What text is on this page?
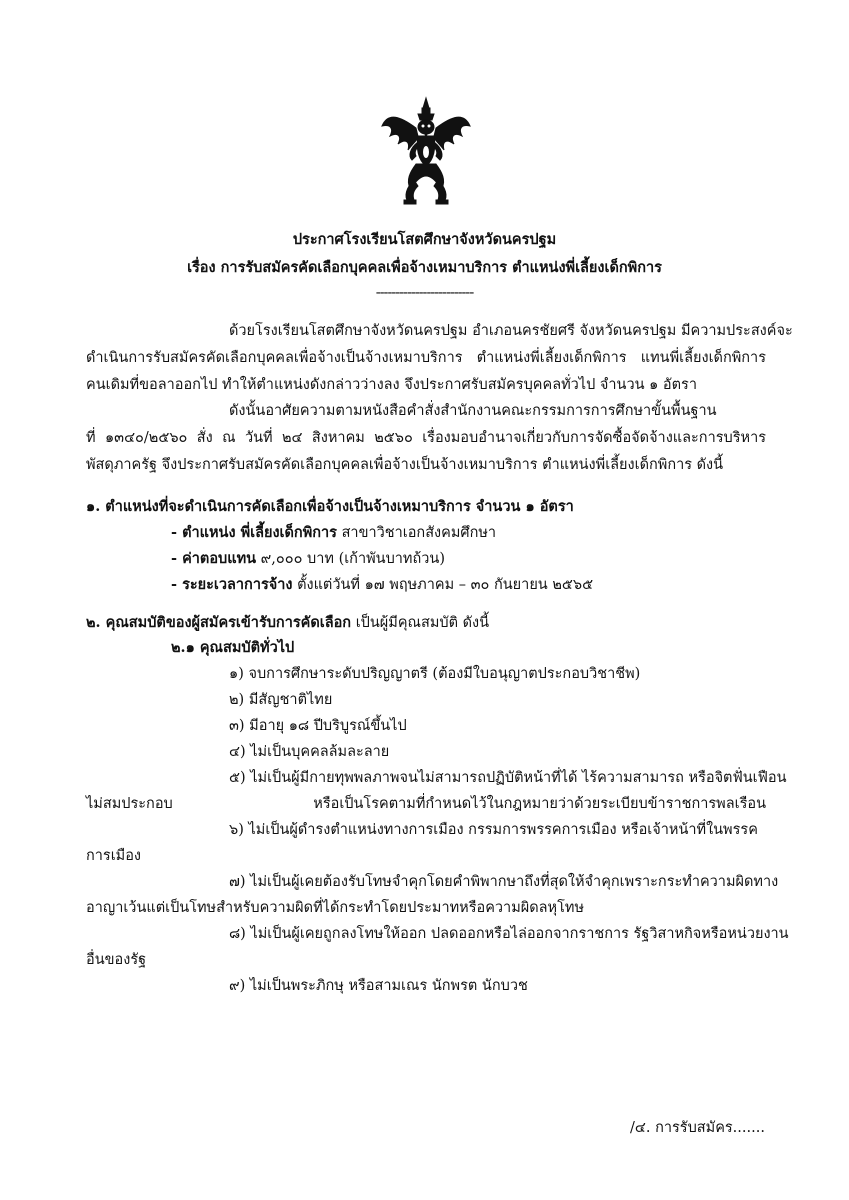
ประกาศโรงเรียนโสตศึกษาจังหวัดนครปฐม
เรื่อง การรับสมัครคัดเลือกบุคคลเพื่อจ้างเหมาบริการ ตำแหน่งพี่เลี้ยงเด็กพิการ
-------------------------
ด้วยโรงเรียนโสตศึกษาจังหวัดนครปฐม อำเภอนครชัยศรี จังหวัดนครปฐม มีความประสงค์จะ
ดำเนินการรับสมัครคัดเลือกบุคคลเพื่อจ้างเป็นจ้างเหมาบริการ ตำแหน่งพี่เลี้ยงเด็กพิการ แทนพี่เลี้ยงเด็กพิการ
คนเดิมที่ขอลาออกไป ทำให้ตำแหน่งดังกล่าวว่างลง จึงประกาศรับสมัครบุคคลทั่วไป จำนวน ๑ อัตรา
ดังนั้นอาศัยความตามหนังสือคำสั่งสำนักงานคณะกรรมการการศึกษาขั้นพื้นฐาน
ที่ ๑๓๔๐/๒๕๖๐ สั่ง ณ วันที่ ๒๔ สิงหาคม ๒๕๖๐ เรื่องมอบอำนาจเกี่ยวกับการจัดซื้อจัดจ้างและการบริหาร
พัสดุภาครัฐ จึงประกาศรับสมัครคัดเลือกบุคคลเพื่อจ้างเป็นจ้างเหมาบริการ ตำแหน่งพี่เลี้ยงเด็กพิการ ดังนี้
๑. ตำแหน่งที่จะดำเนินการคัดเลือกเพื่อจ้างเป็นจ้างเหมาบริการ จำนวน ๑ อัตรา
- ตำแหน่ง พี่เลี้ยงเด็กพิการ สาขาวิชาเอกสังคมศึกษา
- ค่าตอบแทน ๙,๐๐๐ บาท (เก้าพันบาทถ้วน)
- ระยะเวลาการจ้าง ตั้งแต่วันที่ ๑๗ พฤษภาคม – ๓๐ กันยายน ๒๕๖๕
๒. คุณสมบัติของผู้สมัครเข้ารับการคัดเลือก เป็นผู้มีคุณสมบัติ ดังนี้
๒.๑ คุณสมบัติทั่วไป
๑) จบการศึกษาระดับปริญญาตรี (ต้องมีใบอนุญาตประกอบวิชาชีพ)
๒) มีสัญชาติไทย
๓) มีอายุ ๑๘ ปีบริบูรณ์ขึ้นไป
๔) ไม่เป็นบุคคลล้มละลาย
๕) ไม่เป็นผู้มีกายทุพพลภาพจนไม่สามารถปฏิบัติหน้าที่ได้ ไร้ความสามารถ หรือจิตฟั่นเฟือน
ไม่สมประกอบ หรือเป็นโรคตามที่กำหนดไว้ในกฎหมายว่าด้วยระเบียบข้าราชการพลเรือน
๖) ไม่เป็นผู้ดำรงตำแหน่งทางการเมือง กรรมการพรรคการเมือง หรือเจ้าหน้าที่ในพรรค
การเมือง
๗) ไม่เป็นผู้เคยต้องรับโทษจำคุกโดยคำพิพากษาถึงที่สุดให้จำคุกเพราะกระทำความผิดทาง
อาญาเว้นแต่เป็นโทษสำหรับความผิดที่ได้กระทำโดยประมาทหรือความผิดลหุโทษ
๘) ไม่เป็นผู้เคยถูกลงโทษให้ออก ปลดออกหรือไล่ออกจากราชการ รัฐวิสาหกิจหรือหน่วยงาน
อื่นของรัฐ
๙) ไม่เป็นพระภิกษุ หรือสามเณร นักพรต นักบวช
/๔. การรับสมัคร.......
